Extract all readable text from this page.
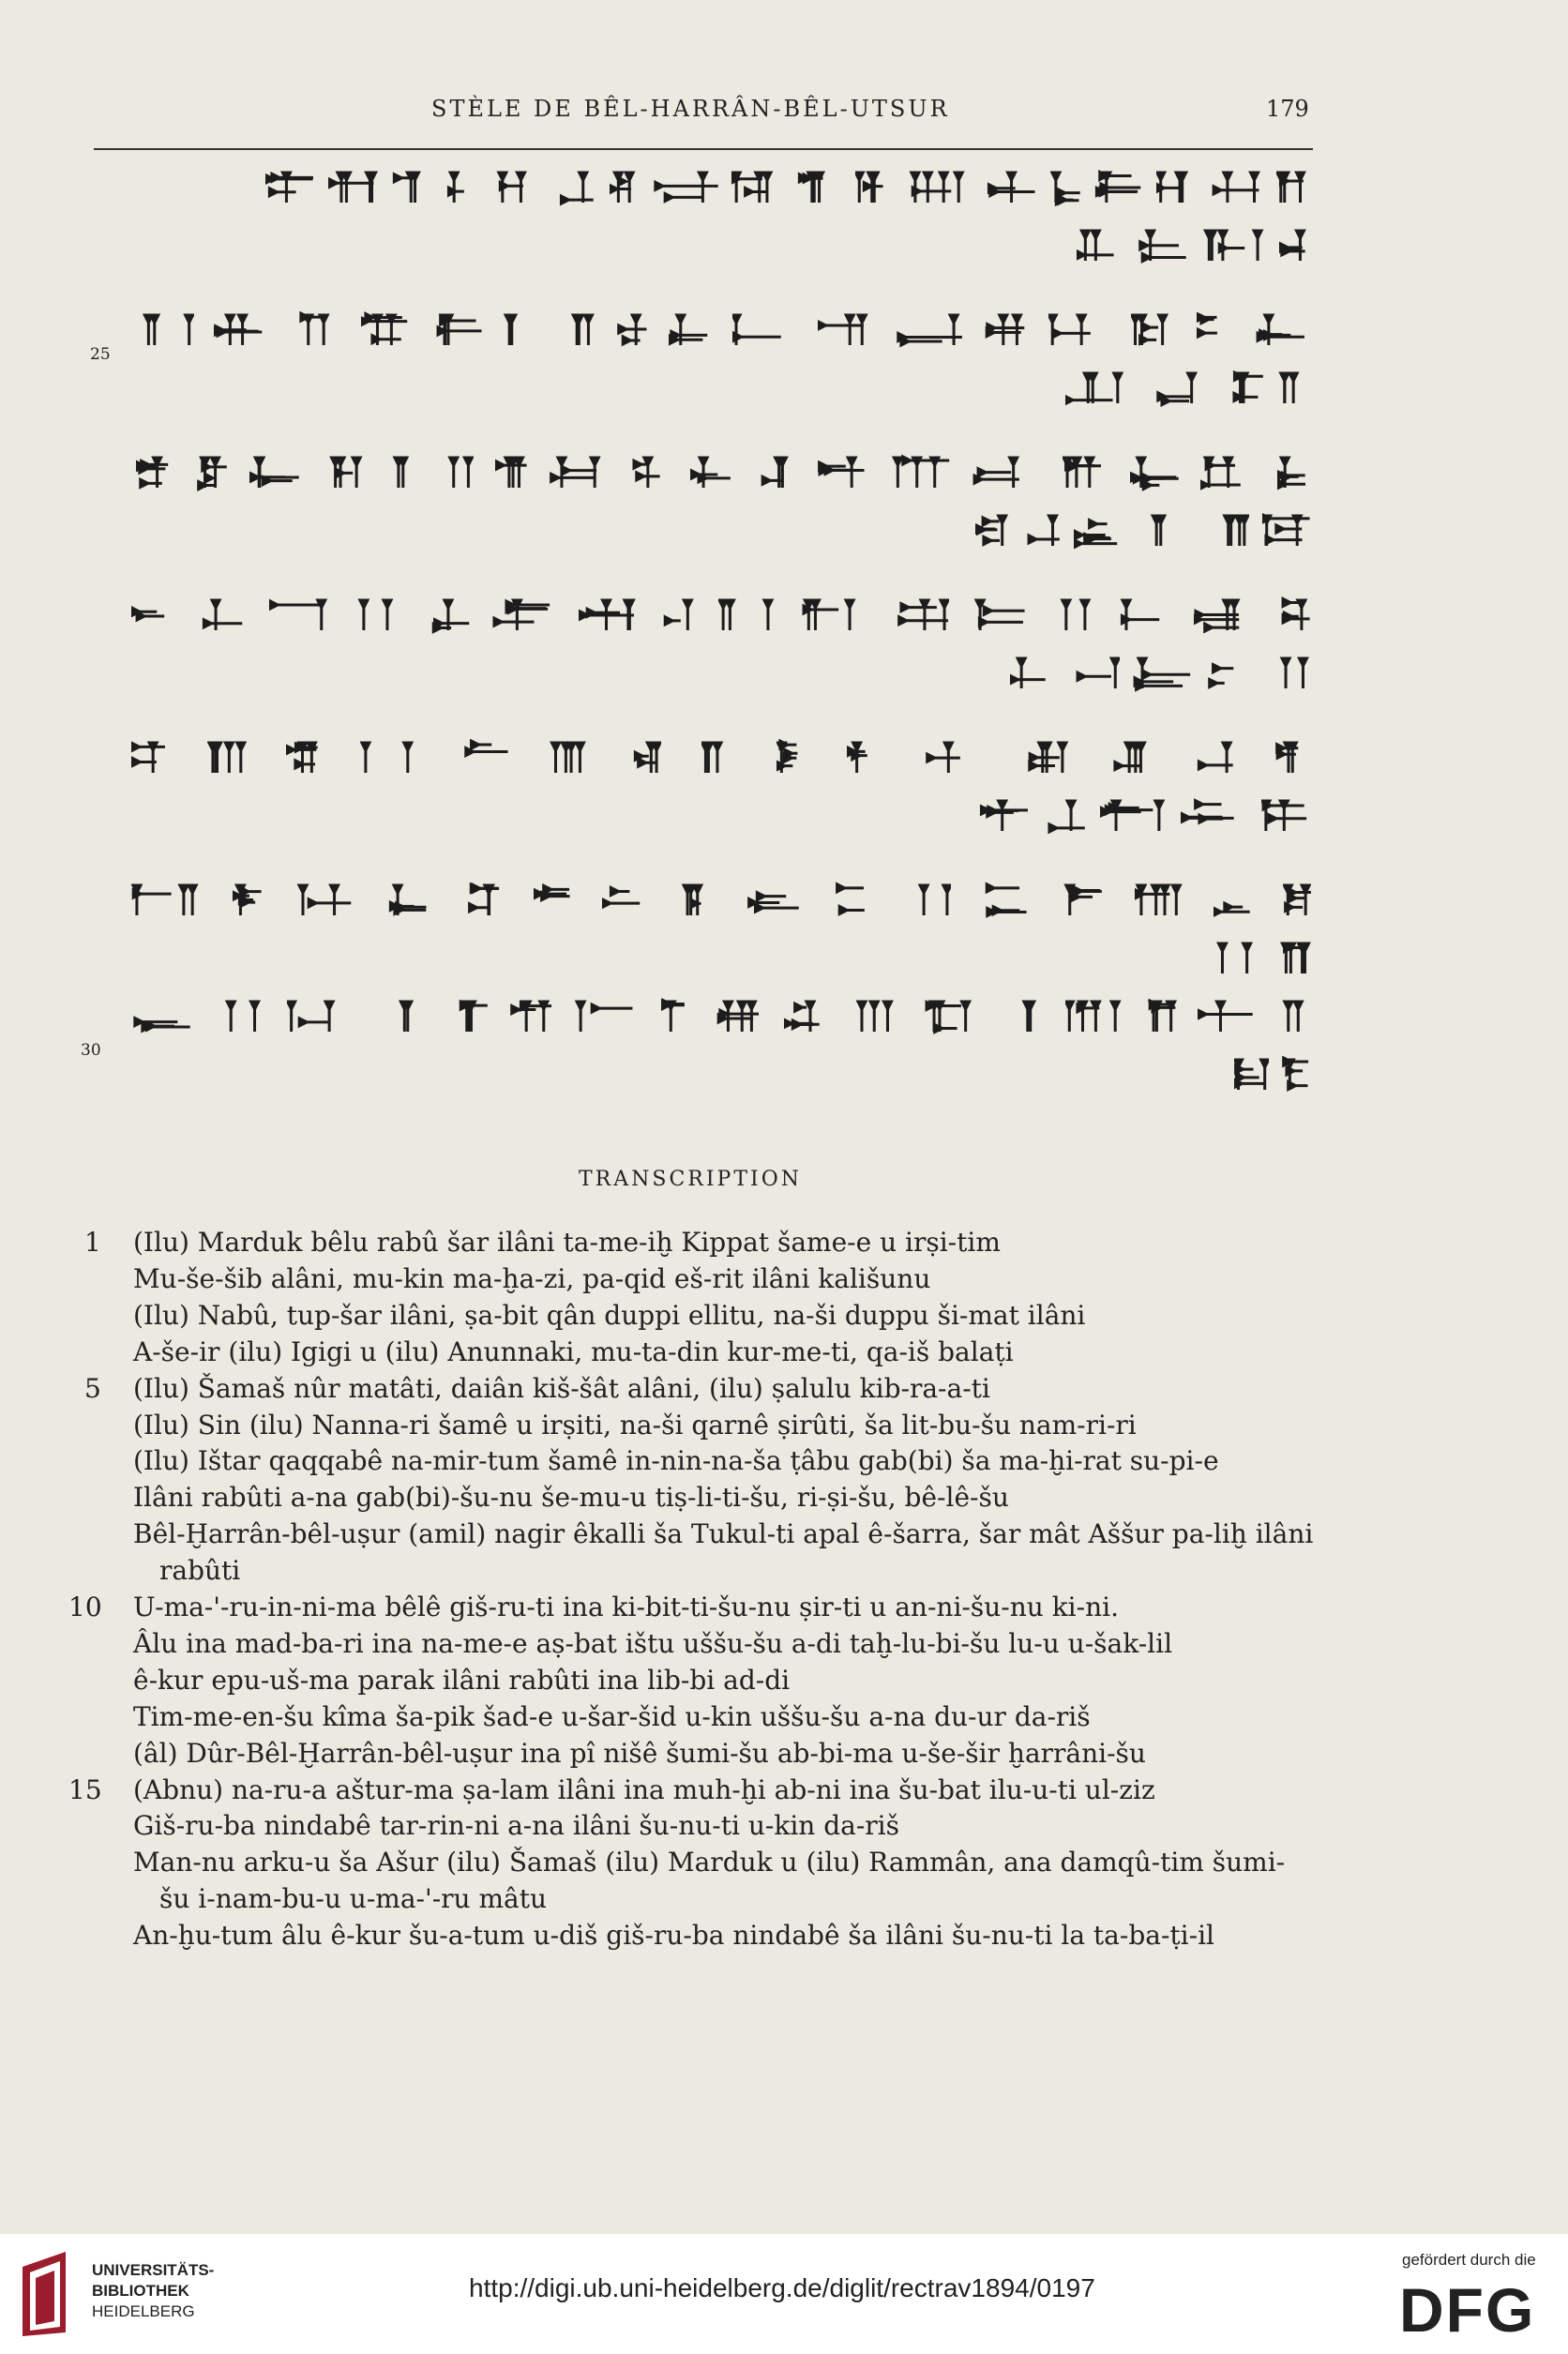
STÈLE DE BÊL-HARRÂN-BÊL-UTSUR	179
25
30
TRANSCRIPTION
1 (Ilu) Marduk bêlu rabû šar ilâni ta-me-iḫ Kippat šame-e u irṣi-tim
Mu-še-šib alâni, mu-kin ma-ḫa-zi, pa-qid eš-rit ilâni kališunu
(Ilu) Nabû, tup-šar ilâni, ṣa-bit qân duppi ellitu, na-ši duppu ši-mat ilâni
A-še-ir (ilu) Igigi u (ilu) Anunnaki, mu-ta-din kur-me-ti, qa-iš balaṭi
5 (Ilu) Šamaš nûr matâti, daiân kiš-šât alâni, (ilu) ṣalulu kib-ra-a-ti
(Ilu) Sin (ilu) Nanna-ri šamê u irṣiti, na-ši qarnê ṣirûti, ša lit-bu-šu nam-ri-ri
(Ilu) Ištar qaqqabê na-mir-tum šamê in-nin-na-ša ṭâbu gab(bi) ša ma-ḫi-rat su-pi-e
Ilâni rabûti a-na gab(bi)-šu-nu še-mu-u tiṣ-li-ti-šu, ri-ṣi-šu, bê-lê-šu
Bêl-Ḫarrân-bêl-uṣur (amil) nagir êkalli ša Tukul-ti apal ê-šarra, šar mât Aššur pa-liḫ ilâni
rabûti
10 U-ma-'-ru-in-ni-ma bêlê giš-ru-ti ina ki-bit-ti-šu-nu ṣir-ti u an-ni-šu-nu ki-ni.
Âlu ina mad-ba-ri ina na-me-e aṣ-bat ištu uššu-šu a-di taḫ-lu-bi-šu lu-u u-šak-lil
ê-kur epu-uš-ma parak ilâni rabûti ina lib-bi ad-di
Tim-me-en-šu kîma ša-pik šad-e u-šar-šid u-kin uššu-šu a-na du-ur da-riš
(âl) Dûr-Bêl-Ḫarrân-bêl-uṣur ina pî nišê šumi-šu ab-bi-ma u-še-šir ḫarrâni-šu
15 (Abnu) na-ru-a aštur-ma ṣa-lam ilâni ina muh-ḫi ab-ni ina šu-bat ilu-u-ti ul-ziz
Giš-ru-ba nindabê tar-rin-ni a-na ilâni šu-nu-ti u-kin da-riš
Man-nu arku-u ša Ašur (ilu) Šamaš (ilu) Marduk u (ilu) Rammân, ana damqû-tim šumi-
šu i-nam-bu-u u-ma-'-ru mâtu
An-ḫu-tum âlu ê-kur šu-a-tum u-diš giš-ru-ba nindabê ša ilâni šu-nu-ti la ta-ba-ṭi-il
UNIVERSITÄTS-
BIBLIOTHEK
HEIDELBERG
http://digi.ub.uni-heidelberg.de/diglit/rectrav1894/0197
gefördert durch die
DFG
